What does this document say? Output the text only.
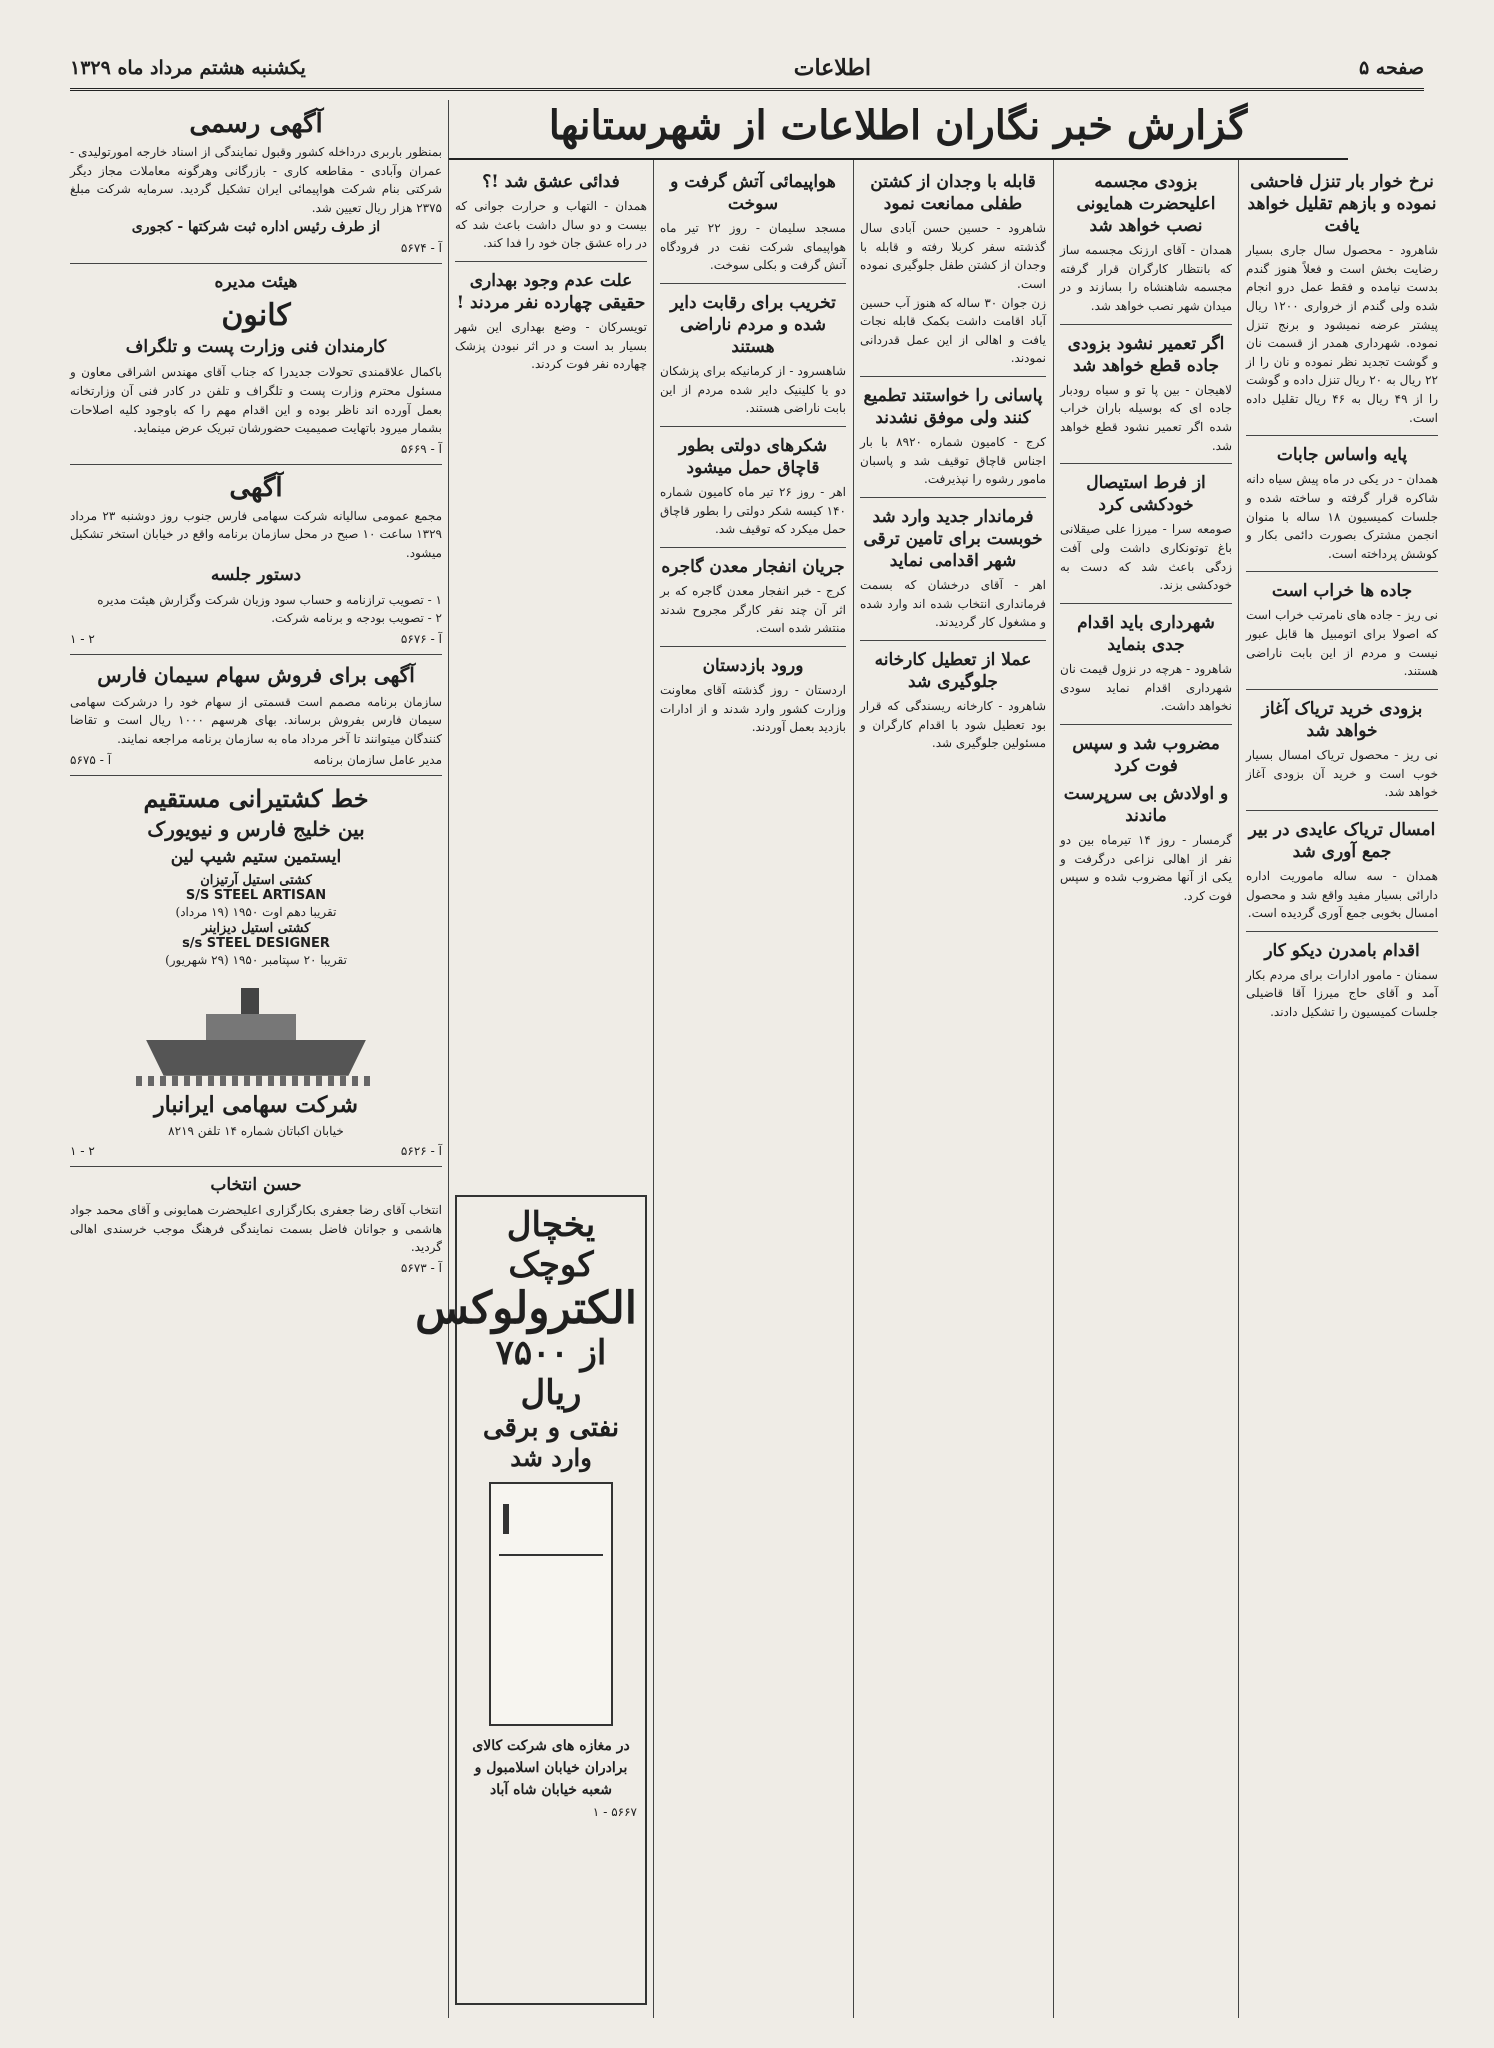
صفحه ۵
اطلاعات
یکشنبه هشتم مرداد ماه ۱۳۲۹
گزارش خبر نگاران اطلاعات از شهرستانها
نرخ خوار بار تنزل فاحشی نموده و بازهم تقلیل خواهد یافت
شاهرود - محصول سال جاری بسیار رضایت بخش است و فعلاً هنوز گندم بدست نیامده و فقط عمل درو انجام شده ولی گندم از خرواری ۱۲۰۰ ریال پیشتر عرضه نمیشود و برنج تنزل نموده. شهرداری همدر از قسمت نان و گوشت تجدید نظر نموده و نان را از ۲۲ ریال به ۲۰ ریال تنزل داده و گوشت را از ۴۹ ریال به ۴۶ ریال تقلیل داده است.
پایه واساس جابات
همدان - در یکی در ماه پیش سیاه دانه شاکره قرار گرفته و ساخته شده و جلسات کمیسیون ۱۸ ساله با منوان انجمن مشترک بصورت دائمی بکار و کوشش پرداخته است.
جاده ها خراب است
نی ریز - جاده های نامرتب خراب است که اصولا برای اتومبیل ها قابل عبور نیست و مردم از این بابت ناراضی هستند.
بزودی خرید تریاک آغاز خواهد شد
نی ریز - محصول تریاک امسال بسیار خوب است و خرید آن بزودی آغاز خواهد شد.
امسال تریاک عایدی در بیر جمع آوری شد
همدان - سه ساله ماموریت اداره دارائی بسیار مفید واقع شد و محصول امسال بخوبی جمع آوری گردیده است.
اقدام بامدرن دیکو کار
سمنان - مامور ادارات برای مردم بکار آمد و آقای حاج میرزا آقا قاضیلی جلسات کمیسیون را تشکیل دادند.
بزودی مجسمه اعلیحضرت همایونی نصب خواهد شد
همدان - آقای ارزنک مجسمه ساز که بانتظار کارگران قرار گرفته مجسمه شاهنشاه را بسازند و در میدان شهر نصب خواهد شد.
اگر تعمیر نشود بزودی جاده قطع خواهد شد
لاهیجان - بین پا تو و سیاه رودبار جاده ای که بوسیله باران خراب شده اگر تعمیر نشود قطع خواهد شد.
از فرط استیصال خودکشی کرد
صومعه سرا - میرزا علی صیقلانی باغ توتونکاری داشت ولی آفت زدگی باعث شد که دست به خودکشی بزند.
شهرداری باید اقدام جدی بنماید
شاهرود - هرچه در نزول قیمت نان شهرداری اقدام نماید سودی نخواهد داشت.
مضروب شد و سپس فوت کرد
و اولادش بی سرپرست ماندند
گرمسار - روز ۱۴ تیرماه بین دو نفر از اهالی نزاعی درگرفت و یکی از آنها مضروب شده و سپس فوت کرد.
قابله با وجدان از کشتن طفلی ممانعت نمود
شاهرود - حسین حسن آبادی سال گذشته سفر کربلا رفته و قابله با وجدان از کشتن طفل جلوگیری نموده است.
زن جوان ۳۰ ساله که هنوز آب حسین آباد اقامت داشت بکمک قابله نجات یافت و اهالی از این عمل قدردانی نمودند.
پاسانی را خواستند تطمیع کنند ولی موفق نشدند
کرج - کامیون شماره ۸۹۲۰ با بار اجناس قاچاق توقیف شد و پاسبان مامور رشوه را نپذیرفت.
فرماندار جدید وارد شد خوبست برای تامین ترقی شهر اقدامی نماید
اهر - آقای درخشان که بسمت فرمانداری انتخاب شده اند وارد شده و مشغول کار گردیدند.
عملا از تعطیل کارخانه جلوگیری شد
شاهرود - کارخانه ریسندگی که قرار بود تعطیل شود با اقدام کارگران و مسئولین جلوگیری شد.
هواپیمائی آتش گرفت و سوخت
مسجد سلیمان - روز ۲۲ تیر ماه هواپیمای شرکت نفت در فرودگاه آتش گرفت و بکلی سوخت.
تخریب برای رقابت دایر شده و مردم ناراضی هستند
شاهسرود - از کرمانیکه برای پزشکان دو یا کلینیک دایر شده مردم از این بابت ناراضی هستند.
شکرهای دولتی بطور قاچاق حمل میشود
اهر - روز ۲۶ تیر ماه کامیون شماره ۱۴۰ کیسه شکر دولتی را بطور قاچاق حمل میکرد که توقیف شد.
جریان انفجار معدن گاجره
کرج - خبر انفجار معدن گاجره که بر اثر آن چند نفر کارگر مجروح شدند منتشر شده است.
ورود بازدستان
اردستان - روز گذشته آقای معاونت وزارت کشور وارد شدند و از ادارات بازدید بعمل آوردند.
فدائی عشق شد !؟
همدان - التهاب و حرارت جوانی که بیست و دو سال داشت باعث شد که در راه عشق جان خود را فدا کند.
علت عدم وجود بهداری حقیقی چهارده نفر مردند !
تویسرکان - وضع بهداری این شهر بسیار بد است و در اثر نبودن پزشک چهارده نفر فوت کردند.
یخچال کوچک
الکترولوکس
از ۷۵۰۰ ریال
نفتی و برقی
وارد شد
در مغازه های شرکت کالای برادران خیابان اسلامبول و شعبه خیابان شاه آباد
۵۶۶۷ - ۱
آگهی رسمی
بمنظور باربری درداخله کشور وقبول نمایندگی از اسناد خارجه امورتولیدی - عمران وآبادی - مقاطعه کاری - بازرگانی وهرگونه معاملات مجاز دیگر شرکتی بنام شرکت هواپیمائی ایران تشکیل گردید. سرمایه شرکت مبلغ ۲۳۷۵ هزار ریال تعیین شد.
از طرف رئیس اداره ثبت شرکتها - کجوری
آ - ۵۶۷۴
هیئت مدیره
کانون
کارمندان فنی وزارت پست و تلگراف
باکمال علاقمندی تحولات جدیدرا که جناب آقای مهندس اشراقی معاون و مسئول محترم وزارت پست و تلگراف و تلفن در کادر فنی آن وزارتخانه بعمل آورده اند ناظر بوده و این اقدام مهم را که باوجود کلیه اصلاحات بشمار میرود باتهایت صمیمیت حضورشان تبریک عرض مینماید.
آ - ۵۶۶۹
آگهی
مجمع عمومی سالیانه شرکت سهامی فارس جنوب روز دوشنبه ۲۳ مرداد ۱۳۲۹ ساعت ۱۰ صبح در محل سازمان برنامه واقع در خیابان استخر تشکیل میشود.
دستور جلسه
۱ - تصویب ترازنامه و حساب سود وزیان شرکت وگزارش هیئت مدیره
۲ - تصویب بودجه و برنامه شرکت.
آ - ۵۶۷۶
۲ - ۱
آگهی برای فروش سهام سیمان فارس
سازمان برنامه مصمم است قسمتی از سهام خود را درشرکت سهامی سیمان فارس بفروش برساند. بهای هرسهم ۱۰۰۰ ریال است و تقاضا کنندگان میتوانند تا آخر مرداد ماه به سازمان برنامه مراجعه نمایند.
مدیر عامل سازمان برنامه
آ - ۵۶۷۵
خط کشتیرانی مستقیم
بین خلیج فارس و نیویورک
ایستمین ستیم شیپ لین
کشتی استیل آرتیزان
S/S STEEL ARTISAN
تقریبا دهم اوت ۱۹۵۰ (۱۹ مرداد)
کشتی استیل دیزاینر
s/s STEEL DESIGNER
تقریبا ۲۰ سپتامبر ۱۹۵۰ (۲۹ شهریور)
شرکت سهامی ایرانبار
خیابان اکباتان شماره ۱۴ تلفن ۸۲۱۹
آ - ۵۶۲۶
۲ - ۱
حسن انتخاب
انتخاب آقای رضا جعفری بکارگزاری اعلیحضرت همایونی و آقای محمد جواد هاشمی و جوانان فاضل بسمت نمایندگی فرهنگ موجب خرسندی اهالی گردید.
آ - ۵۶۷۳
